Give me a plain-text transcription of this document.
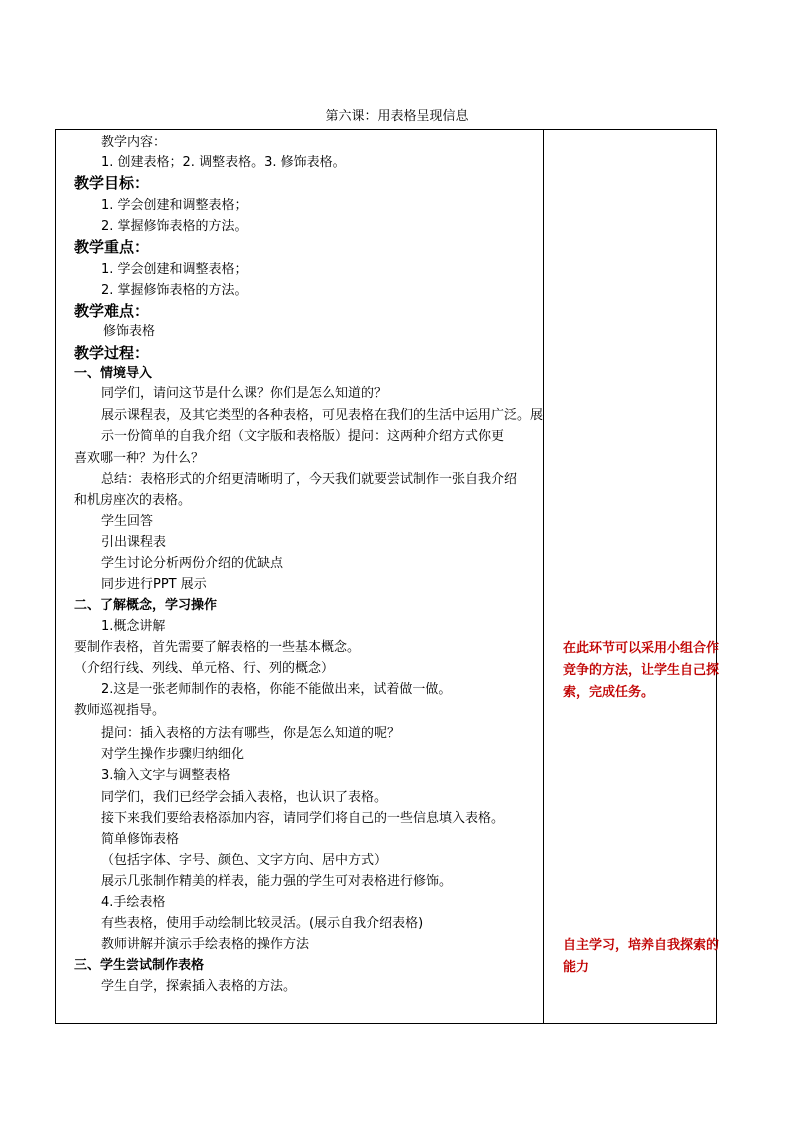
第六课：用表格呈现信息
教学内容：
1. 创建表格；2. 调整表格。3. 修饰表格。
教学目标：
1. 学会创建和调整表格；
2. 掌握修饰表格的方法。
教学重点：
1. 学会创建和调整表格；
2. 掌握修饰表格的方法。
教学难点：
修饰表格
教学过程：
一、情境导入
同学们，请问这节是什么课？你们是怎么知道的？
展示课程表，及其它类型的各种表格，可见表格在我们的生活中运用广泛。展
示一份简单的自我介绍（文字版和表格版）提问：这两种介绍方式你更
喜欢哪一种？为什么？
总结：表格形式的介绍更清晰明了，今天我们就要尝试制作一张自我介绍
和机房座次的表格。
学生回答
引出课程表
学生讨论分析两份介绍的优缺点
同步进行PPT 展示
二、了解概念，学习操作
1.概念讲解
要制作表格，首先需要了解表格的一些基本概念。
（介绍行线、列线、单元格、行、列的概念）
2.这是一张老师制作的表格，你能不能做出来，试着做一做。
教师巡视指导。
提问：插入表格的方法有哪些，你是怎么知道的呢？
对学生操作步骤归纳细化
3.输入文字与调整表格
同学们，我们已经学会插入表格，也认识了表格。
接下来我们要给表格添加内容，请同学们将自己的一些信息填入表格。
简单修饰表格
（包括字体、字号、颜色、文字方向、居中方式）
展示几张制作精美的样表，能力强的学生可对表格进行修饰。
4.手绘表格
有些表格，使用手动绘制比较灵活。(展示自我介绍表格)
教师讲解并演示手绘表格的操作方法
三、学生尝试制作表格
学生自学，探索插入表格的方法。
在此环节可以采用小组合作竞争的方法，让学生自己探索，完成任务。
自主学习，培养自我探索的能力
